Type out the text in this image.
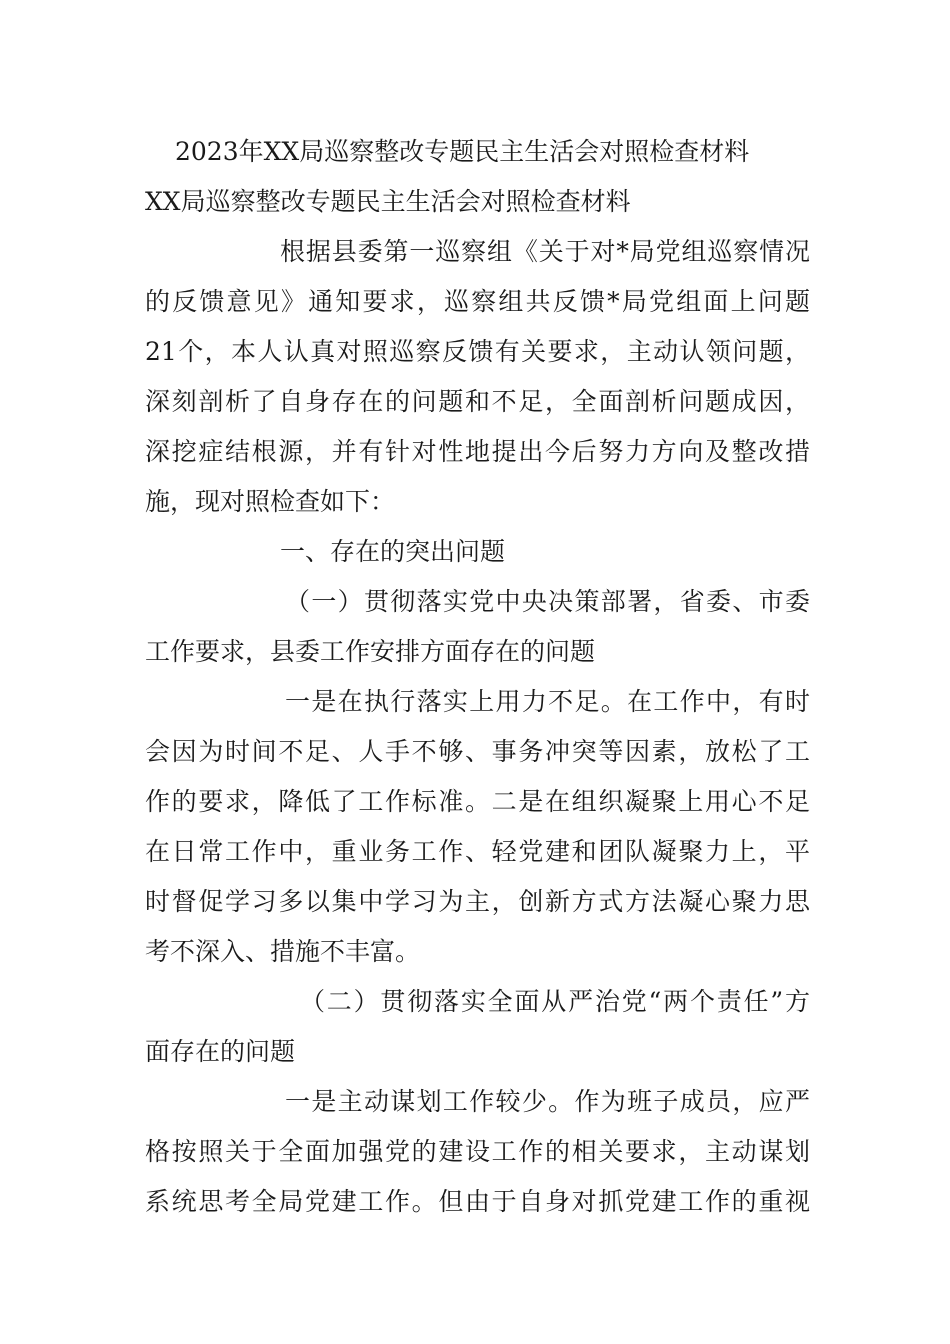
2023年XX局巡察整改专题民主生活会对照检查材料
XX局巡察整改专题民主生活会对照检查材料
根据县委第一巡察组《关于对*局党组巡察情况
的反馈意见》通知要求，巡察组共反馈*局党组面上问题
21个，本人认真对照巡察反馈有关要求，主动认领问题，
深刻剖析了自身存在的问题和不足，全面剖析问题成因，
深挖症结根源，并有针对性地提出今后努力方向及整改措
施，现对照检查如下：
一、存在的突出问题
（一）贯彻落实党中央决策部署，省委、市委
工作要求，县委工作安排方面存在的问题
一是在执行落实上用力不足。在工作中，有时
会因为时间不足、人手不够、事务冲突等因素，放松了工
作的要求，降低了工作标准。二是在组织凝聚上用心不足
在日常工作中，重业务工作、轻党建和团队凝聚力上，平
时督促学习多以集中学习为主，创新方式方法凝心聚力思
考不深入、措施不丰富。
（二）贯彻落实全面从严治党“两个责任”方
面存在的问题
一是主动谋划工作较少。作为班子成员，应严
格按照关于全面加强党的建设工作的相关要求，主动谋划
系统思考全局党建工作。但由于自身对抓党建工作的重视
